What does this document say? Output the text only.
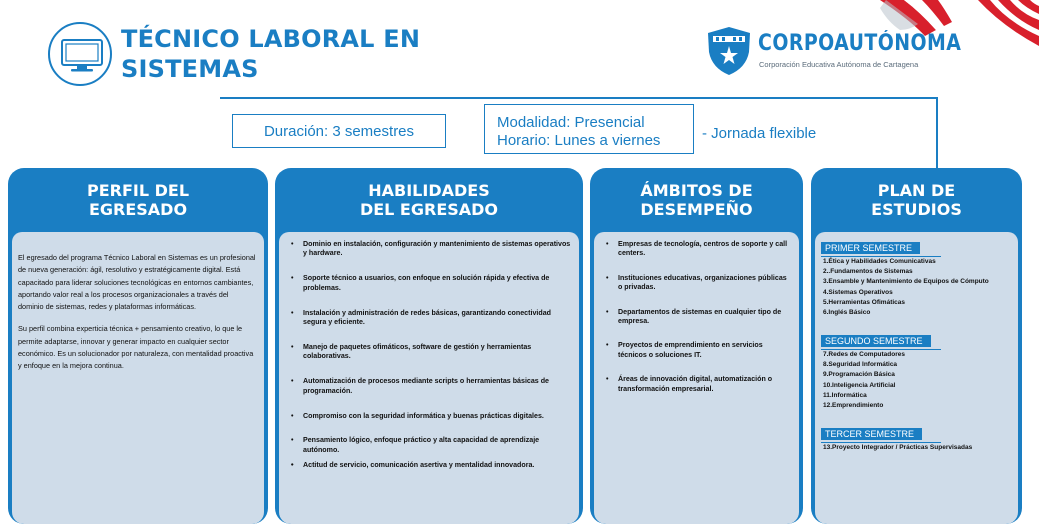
TÉCNICO LABORAL EN
SISTEMAS
CORPOAUTÓNOMA
Corporación Educativa Autónoma de Cartagena
Duración: 3 semestres
Modalidad: Presencial
Horario: Lunes a viernes	- Jornada flexible
PERFIL DEL
EGRESADO

El egresado del programa Técnico Laboral en Sistemas es un profesional de nueva generación: ágil, resolutivo y estratégicamente digital. Está capacitado para liderar soluciones tecnológicas en entornos cambiantes, aportando valor real a los procesos organizacionales a través del dominio de sistemas, redes y plataformas informáticas.

Su perfil combina experticia técnica + pensamiento creativo, lo que le permite adaptarse, innovar y generar impacto en cualquier sector económico. Es un solucionador por naturaleza, con mentalidad proactiva y enfoque en la mejora continua.

HABILIDADES
DEL EGRESADO
• Dominio en instalación, configuración y mantenimiento de sistemas operativos y hardware.
• Soporte técnico a usuarios, con enfoque en solución rápida y efectiva de problemas.
• Instalación y administración de redes básicas, garantizando conectividad segura y eficiente.
• Manejo de paquetes ofimáticos, software de gestión y herramientas colaborativas.
• Automatización de procesos mediante scripts o herramientas básicas de programación.
• Compromiso con la seguridad informática y buenas prácticas digitales.
• Pensamiento lógico, enfoque práctico y alta capacidad de aprendizaje autónomo.
• Actitud de servicio, comunicación asertiva y mentalidad innovadora.
ÁMBITOS DE
DESEMPEÑO
• Empresas de tecnología, centros de soporte y call centers.
• Instituciones educativas, organizaciones públicas o privadas.
• Departamentos de sistemas en cualquier tipo de empresa.
• Proyectos de emprendimiento en servicios técnicos o soluciones IT.
• Áreas de innovación digital, automatización o transformación empresarial.
PLAN DE
ESTUDIOS
PRIMER SEMESTRE
1.Ética y Habilidades Comunicativas
2..Fundamentos de Sistemas
3.Ensamble y Mantenimiento de Equipos de Cómputo
4.Sistemas Operativos
5.Herramientas Ofimáticas
6.Inglés Básico
SEGUNDO SEMESTRE
7.Redes de Computadores
8.Seguridad Informática
9.Programación Básica
10.Inteligencia Artificial
11.Informática
12.Emprendimiento
TERCER SEMESTRE
13.Proyecto Integrador / Prácticas Supervisadas
